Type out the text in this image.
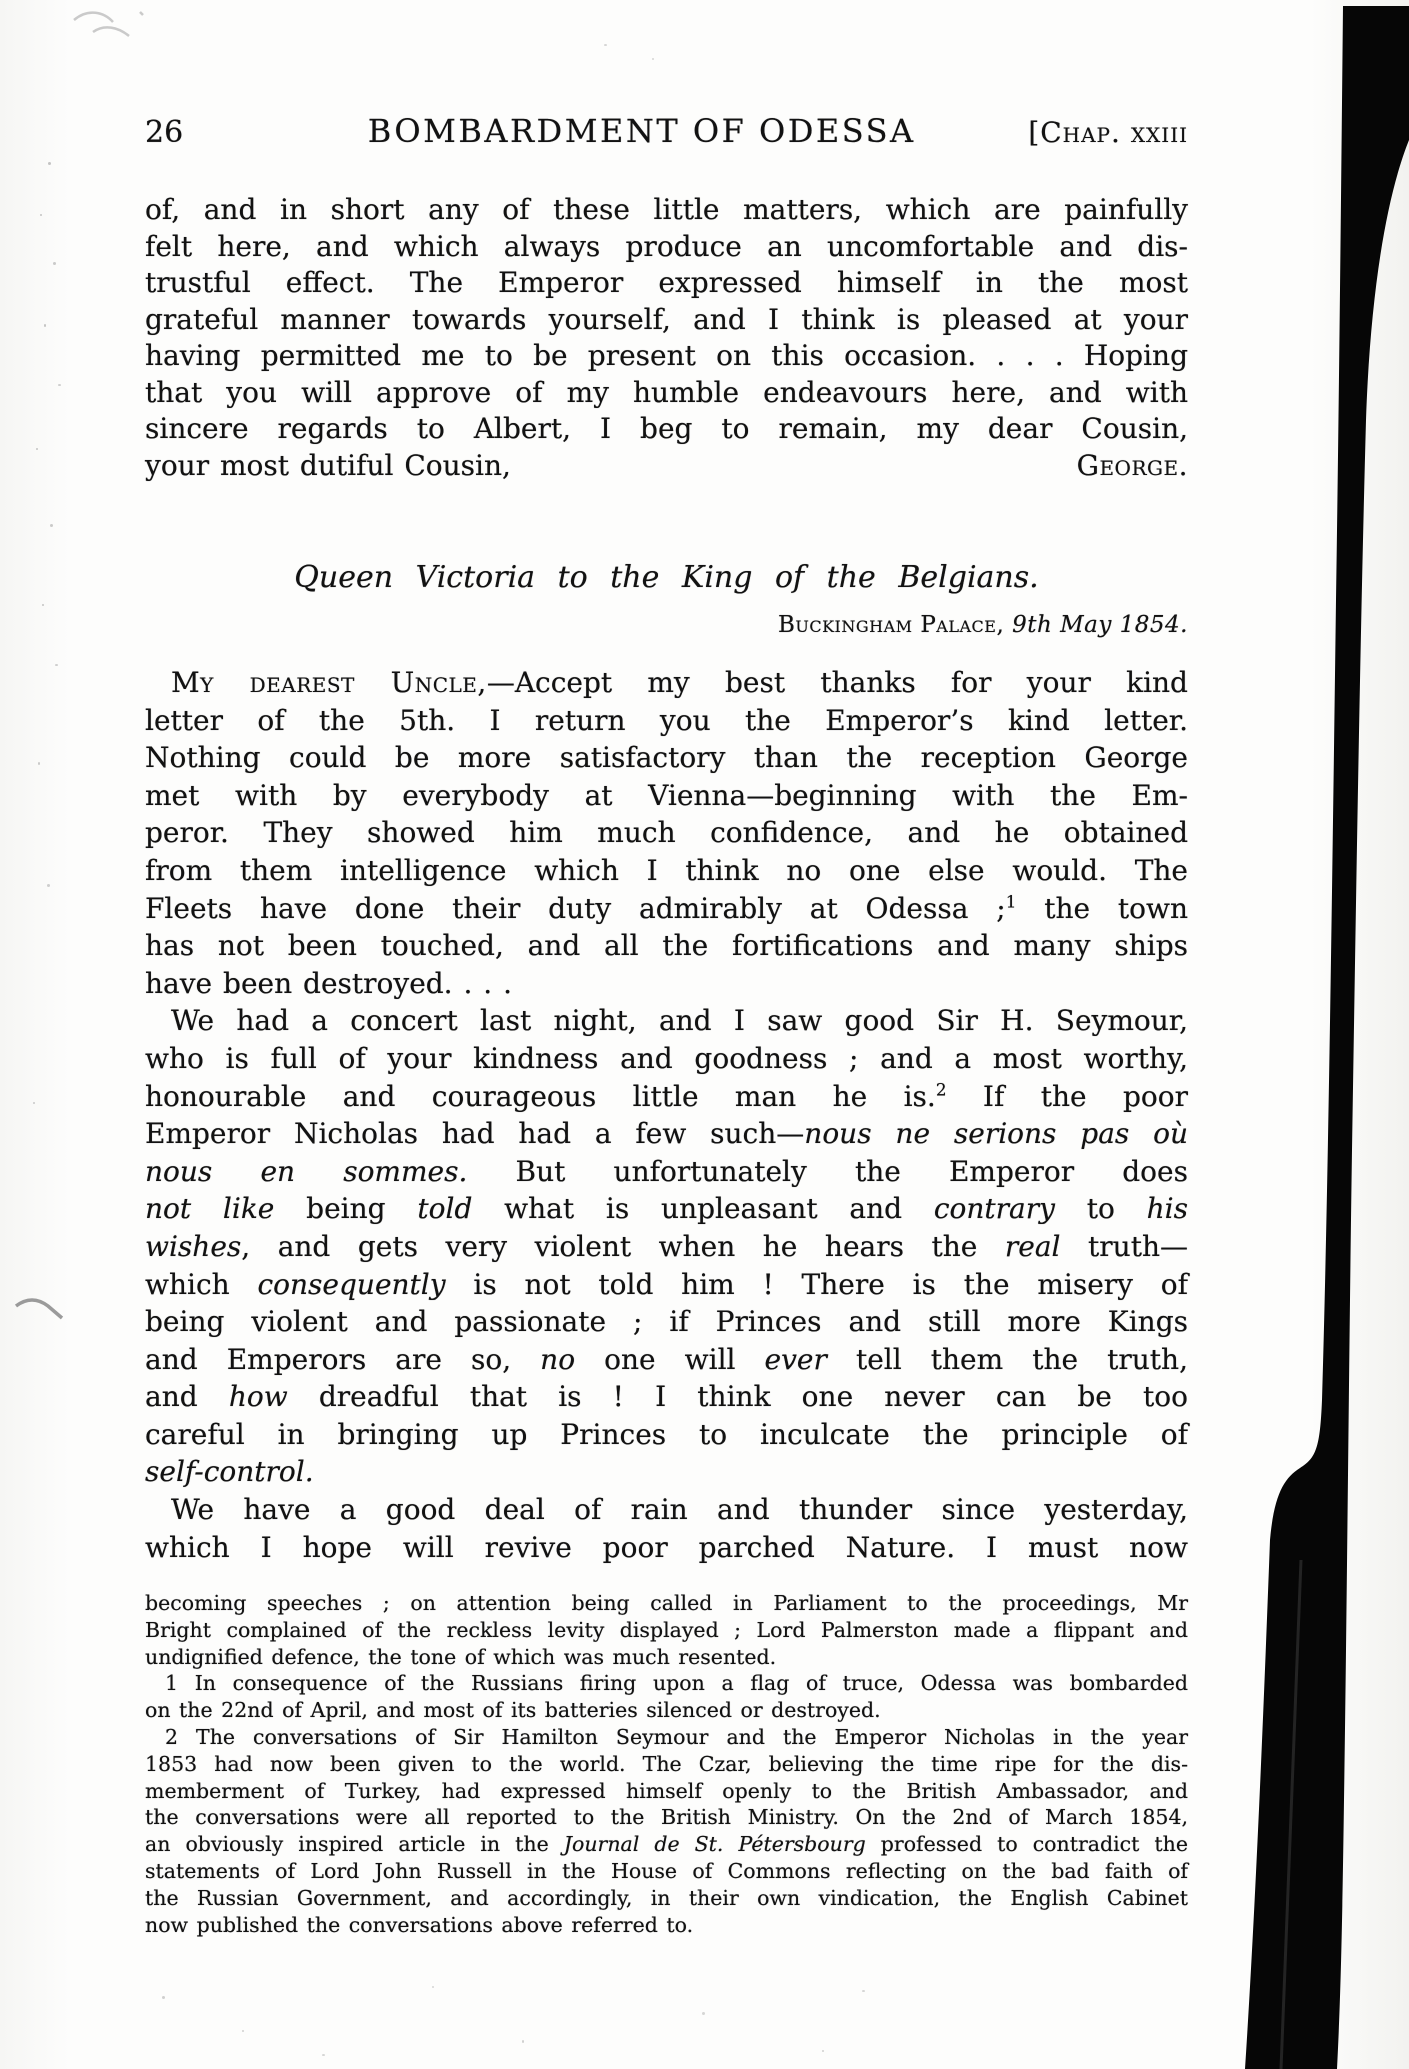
26	BOMBARDMENT OF ODESSA	[Chap. xxiii
of, and in short any of these little matters, which are painfully
felt here, and which always produce an uncomfortable and dis-
trustful effect. The Emperor expressed himself in the most
grateful manner towards yourself, and I think is pleased at your
having permitted me to be present on this occasion. . . . Hoping
that you will approve of my humble endeavours here, and with
sincere regards to Albert, I beg to remain, my dear Cousin,
your most dutiful Cousin,	George.
Queen Victoria to the King of the Belgians.
Buckingham Palace, 9th May 1854.
My dearest Uncle,—Accept my best thanks for your kind
letter of the 5th. I return you the Emperor’s kind letter.
Nothing could be more satisfactory than the reception George
met with by everybody at Vienna—beginning with the Em-
peror. They showed him much confidence, and he obtained
from them intelligence which I think no one else would. The
Fleets have done their duty admirably at Odessa ;$^1$ the town
has not been touched, and all the fortifications and many ships
have been destroyed. . . .
We had a concert last night, and I saw good Sir H. Seymour,
who is full of your kindness and goodness ; and a most worthy,
honourable and courageous little man he is.$^2$ If the poor
Emperor Nicholas had had a few such—nous ne serions pas où
nous en sommes. But unfortunately the Emperor does
not like being told what is unpleasant and contrary to his
wishes, and gets very violent when he hears the real truth—
which consequently is not told him ! There is the misery of
being violent and passionate ; if Princes and still more Kings
and Emperors are so, no one will ever tell them the truth,
and how dreadful that is ! I think one never can be too
careful in bringing up Princes to inculcate the principle of
self-control.
We have a good deal of rain and thunder since yesterday,
which I hope will revive poor parched Nature. I must now
becoming speeches ; on attention being called in Parliament to the proceedings, Mr
Bright complained of the reckless levity displayed ; Lord Palmerston made a flippant and
undignified defence, the tone of which was much resented.
1 In consequence of the Russians firing upon a flag of truce, Odessa was bombarded
on the 22nd of April, and most of its batteries silenced or destroyed.
2 The conversations of Sir Hamilton Seymour and the Emperor Nicholas in the year
1853 had now been given to the world. The Czar, believing the time ripe for the dis-
memberment of Turkey, had expressed himself openly to the British Ambassador, and
the conversations were all reported to the British Ministry. On the 2nd of March 1854,
an obviously inspired article in the Journal de St. Pétersbourg professed to contradict the
statements of Lord John Russell in the House of Commons reflecting on the bad faith of
the Russian Government, and accordingly, in their own vindication, the English Cabinet
now published the conversations above referred to.
